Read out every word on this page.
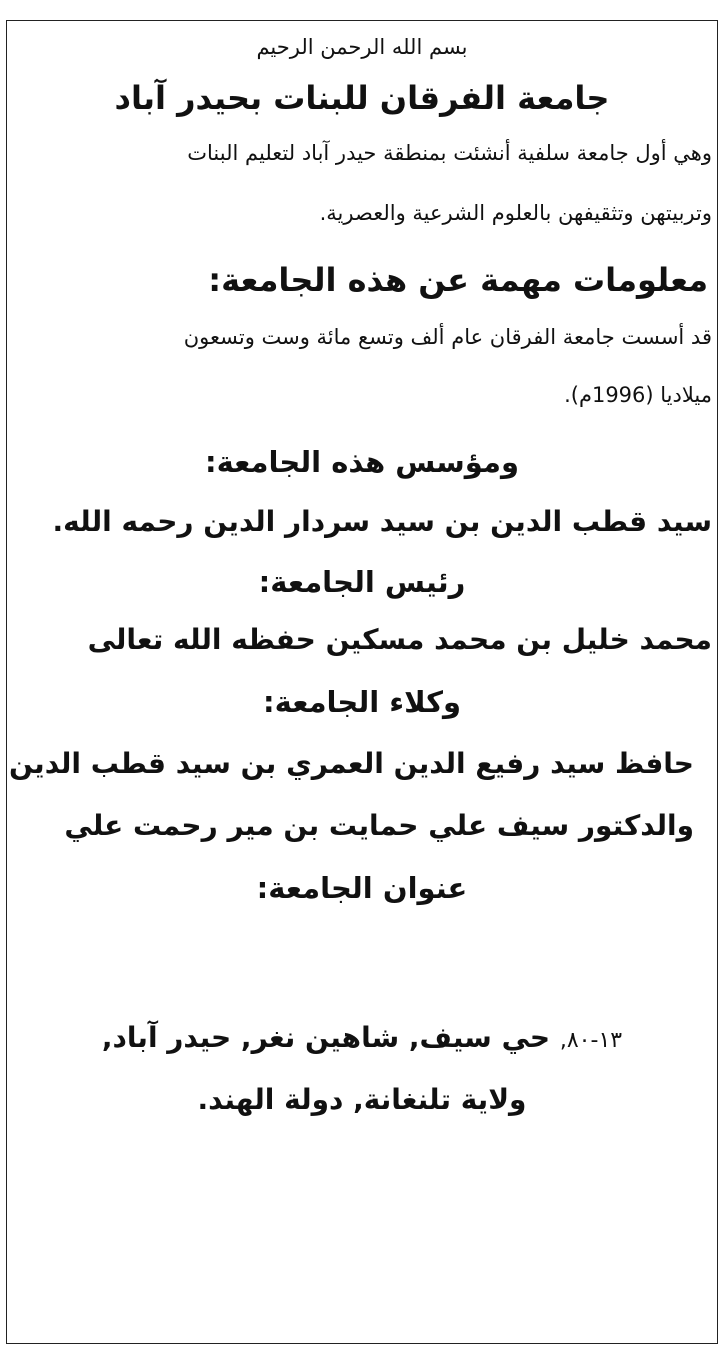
بسم الله الرحمن الرحيم

جامعة الفرقان للبنات بحيدر آباد

وهي أول جامعة سلفية أنشئت بمنطقة حيدر آباد لتعليم البنات

وتربيتهن وتثقيفهن بالعلوم الشرعية والعصرية.

معلومات مهمة عن هذه الجامعة:

قد أسست جامعة الفرقان عام ألف وتسع مائة وست وتسعون

ميلاديا (1996م).

ومؤسس هذه الجامعة:

سيد قطب الدين بن سيد سردار الدين رحمه الله.

رئيس الجامعة:

محمد خليل بن محمد مسكين حفظه الله تعالى

وكلاء الجامعة:

حافظ سيد رفيع الدين العمري بن سيد قطب الدين

والدكتور سيف علي حمايت بن مير رحمت علي

عنوان الجامعة:

١٣-٨٠, حي سيف, شاهين نغر, حيدر آباد,

ولاية تلنغانة, دولة الهند.
